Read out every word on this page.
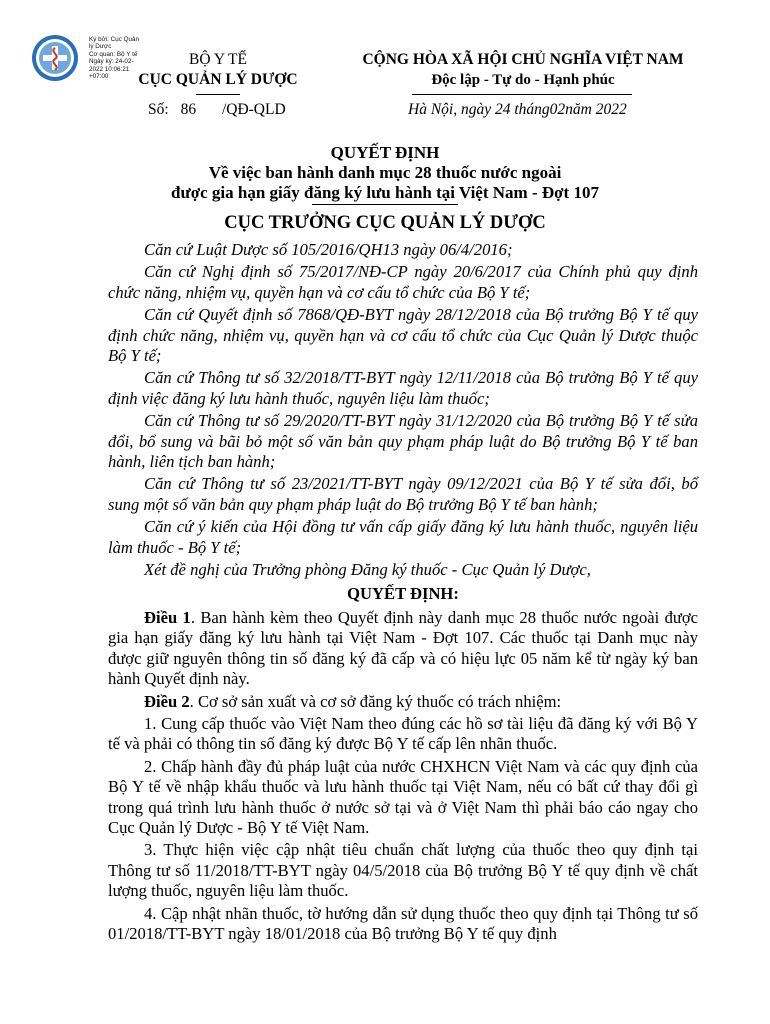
Ký bởi: Cục Quản
lý Dược
Cơ quan: Bộ Y tế
Ngày ký: 24-02-
2022 10:06:21
+07:00
BỘ Y TẾ
CỤC QUẢN LÝ DƯỢC
CỘNG HÒA XÃ HỘI CHỦ NGHĨA VIỆT NAM
Độc lập - Tự do - Hạnh phúc
Số: 86 /QĐ-QLD	Hà Nội, ngày 24 tháng02năm 2022
QUYẾT ĐỊNH
Về việc ban hành danh mục 28 thuốc nước ngoài
được gia hạn giấy đăng ký lưu hành tại Việt Nam - Đợt 107
CỤC TRƯỞNG CỤC QUẢN LÝ DƯỢC

Căn cứ Luật Dược số 105/2016/QH13 ngày 06/4/2016;

Căn cứ Nghị định số 75/2017/NĐ-CP ngày 20/6/2017 của Chính phủ quy định chức năng, nhiệm vụ, quyền hạn và cơ cấu tổ chức của Bộ Y tế;

Căn cứ Quyết định số 7868/QĐ-BYT ngày 28/12/2018 của Bộ trưởng Bộ Y tế quy định chức năng, nhiệm vụ, quyền hạn và cơ cấu tổ chức của Cục Quản lý Dược thuộc Bộ Y tế;

Căn cứ Thông tư số 32/2018/TT-BYT ngày 12/11/2018 của Bộ trưởng Bộ Y tế quy định việc đăng ký lưu hành thuốc, nguyên liệu làm thuốc;

Căn cứ Thông tư số 29/2020/TT-BYT ngày 31/12/2020 của Bộ trưởng Bộ Y tế sửa đổi, bổ sung và bãi bỏ một số văn bản quy phạm pháp luật do Bộ trưởng Bộ Y tế ban hành, liên tịch ban hành;

Căn cứ Thông tư số 23/2021/TT-BYT ngày 09/12/2021 của Bộ Y tế sửa đổi, bổ sung một số văn bản quy phạm pháp luật do Bộ trưởng Bộ Y tế ban hành;

Căn cứ ý kiến của Hội đồng tư vấn cấp giấy đăng ký lưu hành thuốc, nguyên liệu làm thuốc - Bộ Y tế;

Xét đề nghị của Trưởng phòng Đăng ký thuốc - Cục Quản lý Dược,

QUYẾT ĐỊNH:

Điều 1. Ban hành kèm theo Quyết định này danh mục 28 thuốc nước ngoài được gia hạn giấy đăng ký lưu hành tại Việt Nam - Đợt 107. Các thuốc tại Danh mục này được giữ nguyên thông tin số đăng ký đã cấp và có hiệu lực 05 năm kể từ ngày ký ban hành Quyết định này.

Điều 2. Cơ sở sản xuất và cơ sở đăng ký thuốc có trách nhiệm:

1. Cung cấp thuốc vào Việt Nam theo đúng các hồ sơ tài liệu đã đăng ký với Bộ Y tế và phải có thông tin số đăng ký được Bộ Y tế cấp lên nhãn thuốc.

2. Chấp hành đầy đủ pháp luật của nước CHXHCN Việt Nam và các quy định của Bộ Y tế về nhập khẩu thuốc và lưu hành thuốc tại Việt Nam, nếu có bất cứ thay đổi gì trong quá trình lưu hành thuốc ở nước sở tại và ở Việt Nam thì phải báo cáo ngay cho Cục Quản lý Dược - Bộ Y tế Việt Nam.

3. Thực hiện việc cập nhật tiêu chuẩn chất lượng của thuốc theo quy định tại Thông tư số 11/2018/TT-BYT ngày 04/5/2018 của Bộ trưởng Bộ Y tế quy định về chất lượng thuốc, nguyên liệu làm thuốc.

4. Cập nhật nhãn thuốc, tờ hướng dẫn sử dụng thuốc theo quy định tại Thông tư số 01/2018/TT-BYT ngày 18/01/2018 của Bộ trưởng Bộ Y tế quy định
